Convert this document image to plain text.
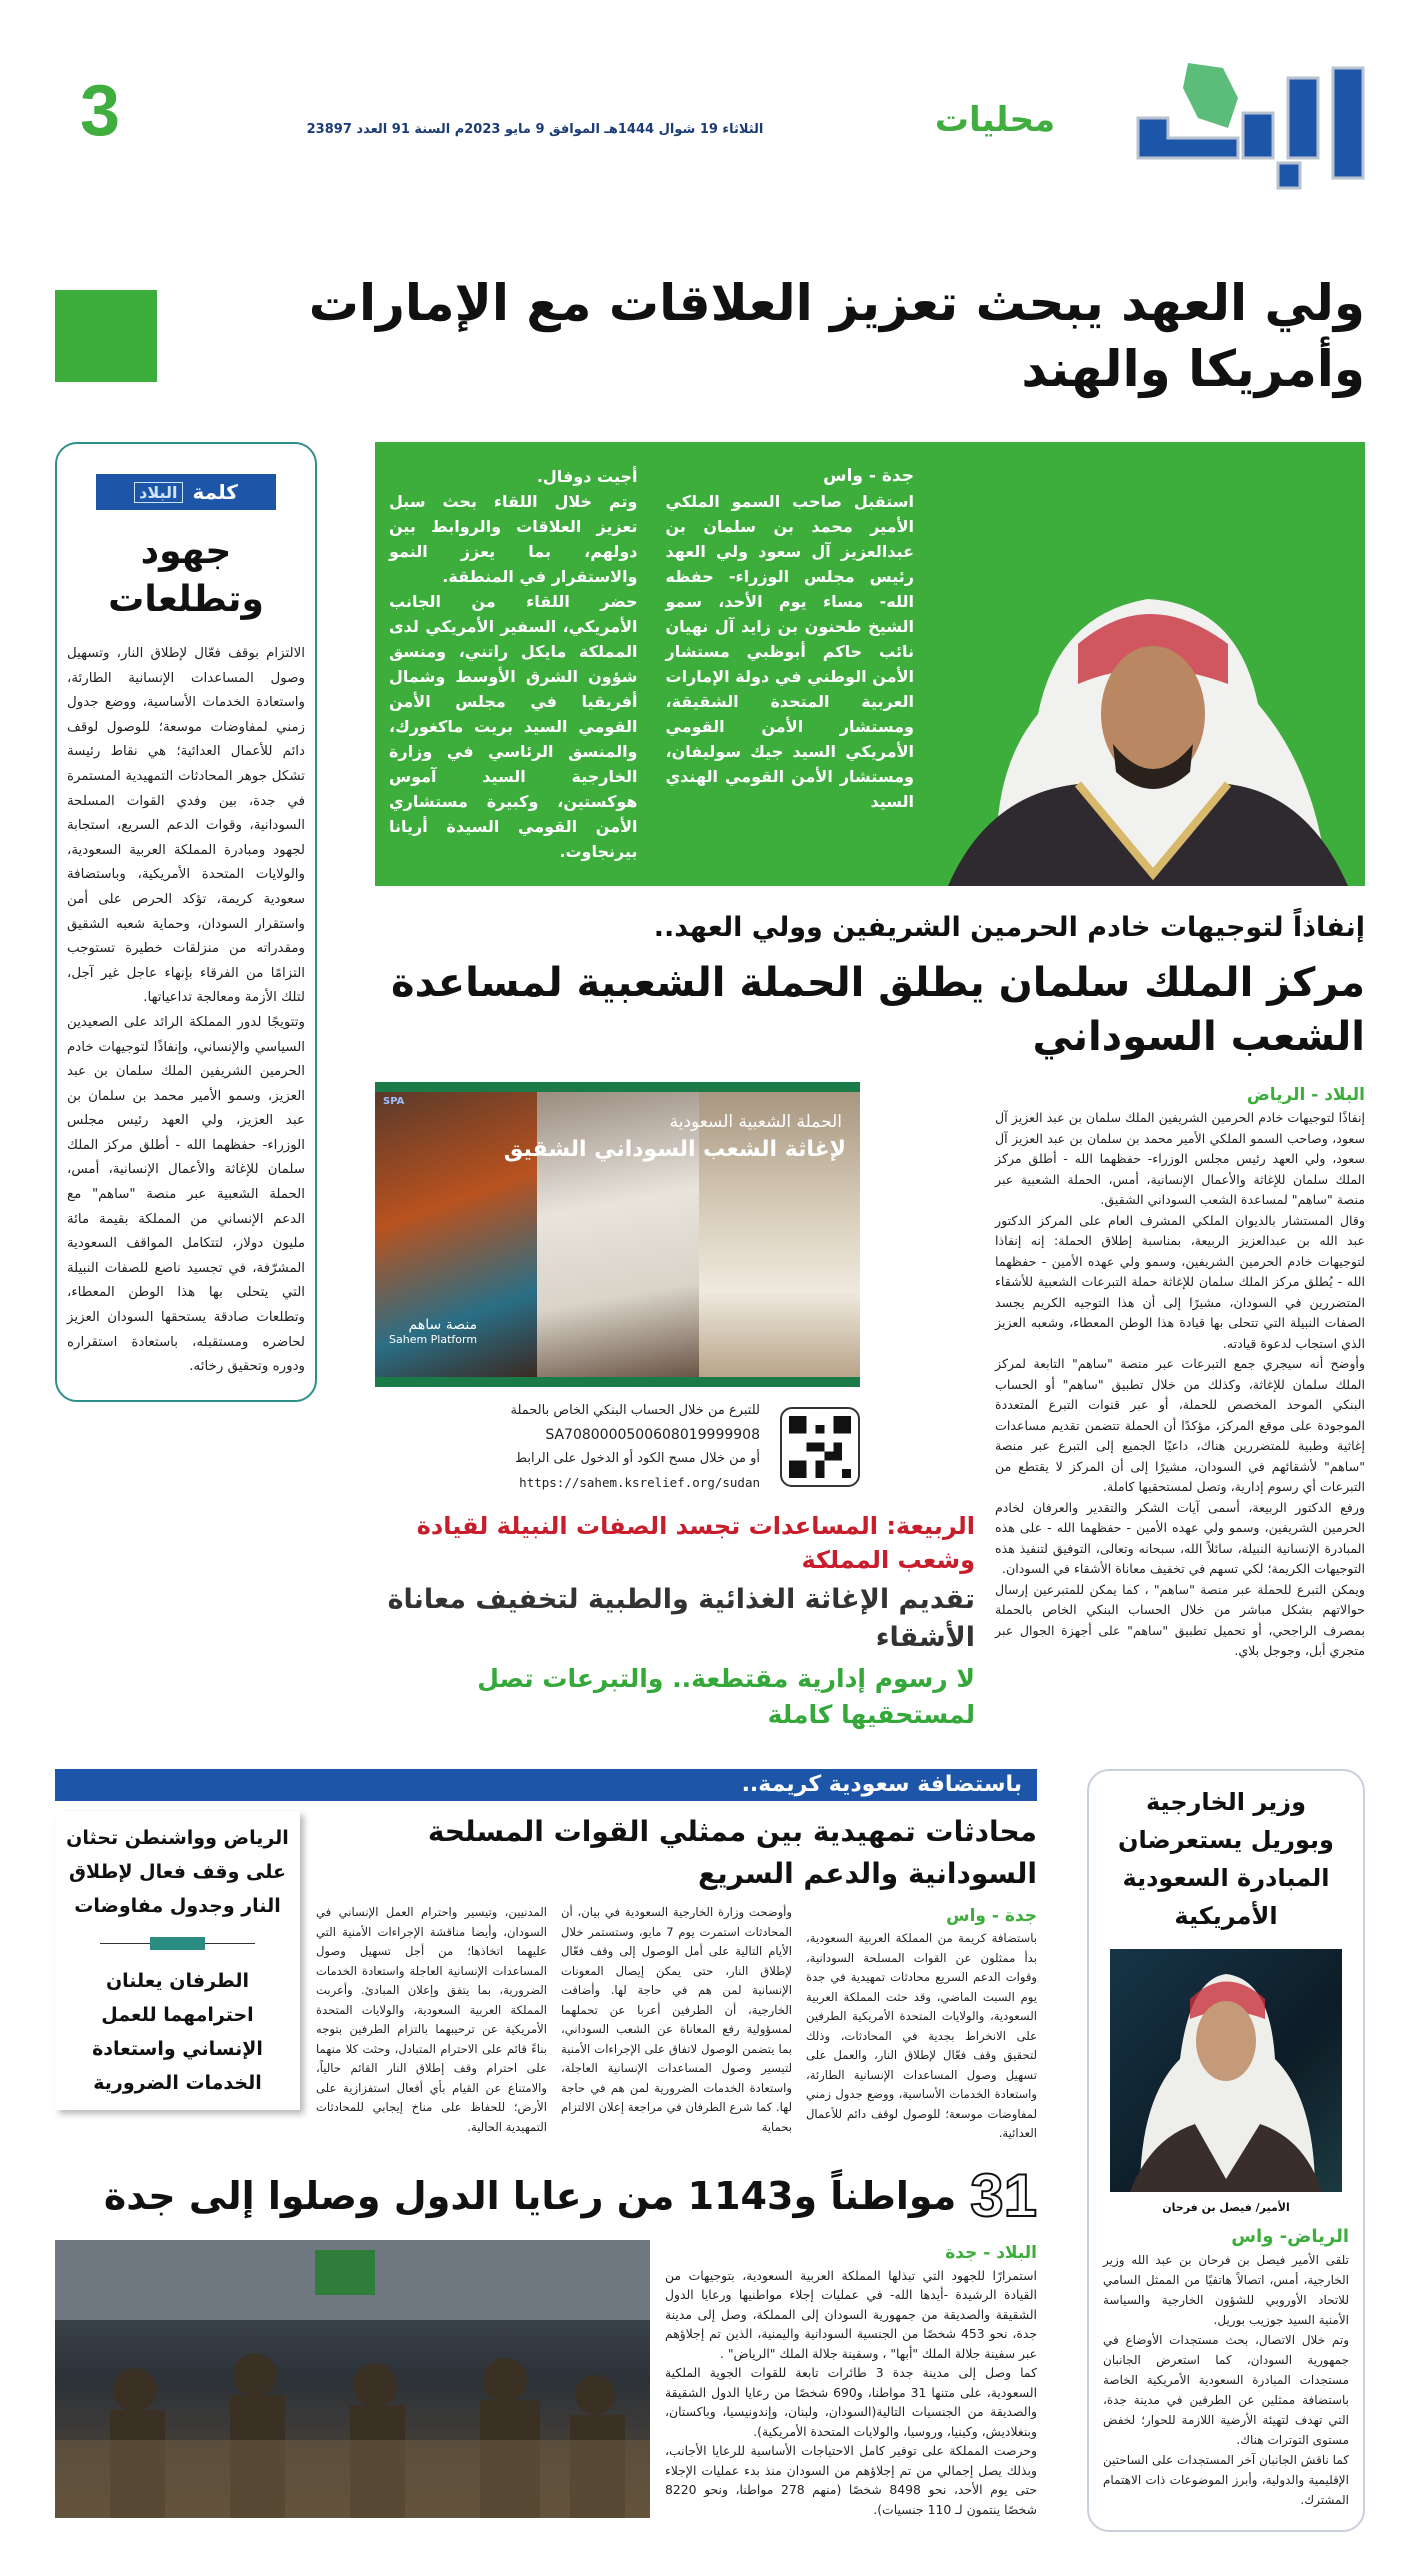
محليات
الثلاثاء 19 شوال 1444هـ الموافق 9 مايو 2023م السنة 91 العدد 23897
3
ولي العهد يبحث تعزيز العلاقات مع الإمارات وأمريكا والهند
جدة - واس

استقبل صاحب السمو الملكي الأمير محمد بن سلمان بن عبدالعزيز آل سعود ولي العهد رئيس مجلس الوزراء- حفظه الله- مساء يوم الأحد، سمو الشيخ طحنون بن زايد آل نهيان نائب حاكم أبوظبي مستشار الأمن الوطني في دولة الإمارات العربية المتحدة الشقيقة، ومستشار الأمن القومي الأمريكي السيد جيك سوليفان، ومستشار الأمن القومي الهندي السيد

أجيت دوفال.

وتم خلال اللقاء بحث سبل تعزيز العلاقات والروابط بين دولهم، بما يعزز النمو والاستقرار في المنطقة.

حضر اللقاء من الجانب الأمريكي، السفير الأمريكي لدى المملكة مايكل راتني، ومنسق شؤون الشرق الأوسط وشمال أفريقيا في مجلس الأمن القومي السيد بريت ماكغورك، والمنسق الرئاسي في وزارة الخارجية السيد آموس هوكستين، وكبيرة مستشاري الأمن القومي السيدة أريانا بيرنجاوت.

إنفاذاً لتوجيهات خادم الحرمين الشريفين وولي العهد..
مركز الملك سلمان يطلق الحملة الشعبية لمساعدة الشعب السوداني
البلاد - الرياض

إنفاذًا لتوجيهات خادم الحرمين الشريفين الملك سلمان بن عبد العزيز آل سعود، وصاحب السمو الملكي الأمير محمد بن سلمان بن عبد العزيز آل سعود، ولي العهد رئيس مجلس الوزراء- حفظهما الله - أطلق مركز الملك سلمان للإغاثة والأعمال الإنسانية، أمس، الحملة الشعبية عبر منصة "ساهم" لمساعدة الشعب السوداني الشقيق.

وقال المستشار بالديوان الملكي المشرف العام على المركز الدكتور عبد الله بن عبدالعزيز الربيعة، بمناسبة إطلاق الحملة: إنه إنفاذا لتوجيهات خادم الحرمين الشريفين، وسمو ولي عهده الأمين - حفظهما الله - يُطلق مركز الملك سلمان للإغاثة حملة التبرعات الشعبية للأشقاء المتضررين في السودان، مشيرًا إلى أن هذا التوجيه الكريم يجسد الصفات النبيلة التي تتحلى بها قيادة هذا الوطن المعطاء، وشعبه العزيز الذي استجاب لدعوة قيادته.

وأوضح أنه سيجري جمع التبرعات عبر منصة "ساهم" التابعة لمركز الملك سلمان للإغاثة، وكذلك من خلال تطبيق "ساهم" أو الحساب البنكي الموحد المخصص للحملة، أو عبر قنوات التبرع المتعددة الموجودة على موقع المركز، مؤكدًا أن الحملة تتضمن تقديم مساعدات إغاثية وطبية للمتضررين هناك، داعيًا الجميع إلى التبرع عبر منصة "ساهم" لأشقائهم في السودان، مشيرًا إلى أن المركز لا يقتطع من التبرعات أي رسوم إدارية، وتصل لمستحقيها كاملة.

ورفع الدكتور الربيعة، أسمى آيات الشكر والتقدير والعرفان لخادم الحرمين الشريفين، وسمو ولي عهده الأمين - حفظهما الله - على هذه المبادرة الإنسانية النبيلة، سائلاً الله، سبحانه وتعالى، التوفيق لتنفيذ هذه التوجيهات الكريمة؛ لكي تسهم في تخفيف معاناة الأشقاء في السودان.

ويمكن التبرع للحملة عبر منصة "ساهم" ، كما يمكن للمتبرعين إرسال حوالاتهم بشكل مباشر من خلال الحساب البنكي الخاص بالحملة بمصرف الراجحي، أو تحميل تطبيق "ساهم" على أجهزة الجوال عبر متجري أبل، وجوجل بلاي.

الحملة الشعبية السعودية
لإغاثة الشعب السوداني الشقيق
منصة ساهم
Sahem Platform
SPA
للتبرع من خلال الحساب البنكي الخاص بالحملة
SA7080000500608019999908
أو من خلال مسح الكود أو الدخول على الرابط
https://sahem.ksrelief.org/sudan
الربيعة: المساعدات تجسد الصفات النبيلة لقيادة وشعب المملكة
تقديم الإغاثة الغذائية والطبية لتخفيف معاناة الأشقاء
لا رسوم إدارية مقتطعة.. والتبرعات تصل لمستحقيها كاملة
كلمة
البلاد
جهود وتطلعات

الالتزام بوقف فعّال لإطلاق النار، وتسهيل وصول المساعدات الإنسانية الطارئة، واستعادة الخدمات الأساسية، ووضع جدول زمني لمفاوضات موسعة؛ للوصول لوقف دائم للأعمال العدائية؛ هي نقاط رئيسة تشكل جوهر المحادثات التمهيدية المستمرة في جدة، بين وفدي القوات المسلحة السودانية، وقوات الدعم السريع، استجابة لجهود ومبادرة المملكة العربية السعودية، والولايات المتحدة الأمريكية، وباستضافة سعودية كريمة، تؤكد الحرص على أمن واستقرار السودان، وحماية شعبه الشقيق ومقدراته من منزلقات خطيرة تستوجب التزامًا من الفرقاء بإنهاء عاجل غير آجل، لتلك الأزمة ومعالجة تداعياتها.

وتتويجًا لدور المملكة الرائد على الصعيدين السياسي والإنساني، وإنفاذًا لتوجيهات خادم الحرمين الشريفين الملك سلمان بن عبد العزيز، وسمو الأمير محمد بن سلمان بن عبد العزيز، ولي العهد رئيس مجلس الوزراء- حفظهما الله - أطلق مركز الملك سلمان للإغاثة والأعمال الإنسانية، أمس، الحملة الشعبية عبر منصة "ساهم" مع الدعم الإنساني من المملكة بقيمة مائة مليون دولار، لتتكامل المواقف السعودية المشرّفة، في تجسيد ناصع للصفات النبيلة التي يتحلى بها هذا الوطن المعطاء، وتطلعات صادقة يستحقها السودان العزيز لحاضره ومستقبله، باستعادة استقراره ودوره وتحقيق رخائه.

وزير الخارجية وبوريل يستعرضان المبادرة السعودية الأمريكية
الأمير/ فيصل بن فرحان
الرياض- واس

تلقى الأمير فيصل بن فرحان بن عبد الله وزير الخارجية، أمس، اتصالاً هاتفيًا من الممثل السامي للاتحاد الأوروبي للشؤون الخارجية والسياسة الأمنية السيد جوزيب بوريل.

وتم خلال الاتصال، بحث مستجدات الأوضاع في جمهورية السودان، كما استعرض الجانبان مستجدات المبادرة السعودية الأمريكية الخاصة باستضافة ممثلين عن الطرفين في مدينة جدة، التي تهدف لتهيئة الأرضية اللازمة للحوار؛ لخفض مستوى التوترات هناك.

كما ناقش الجانبان آخر المستجدات على الساحتين الإقليمية والدولية، وأبرز الموضوعات ذات الاهتمام المشترك.

باستضافة سعودية كريمة..
محادثات تمهيدية بين ممثلي القوات المسلحة السودانية والدعم السريع
جدة - واس

باستضافة كريمة من المملكة العربية السعودية، بدأ ممثلون عن القوات المسلحة السودانية، وقوات الدعم السريع محادثات تمهيدية في جدة يوم السبت الماضي، وقد حثت المملكة العربية السعودية، والولايات المتحدة الأمريكية الطرفين على الانخراط بجدية في المحادثات، وذلك لتحقيق وقف فعّال لإطلاق النار، والعمل على تسهيل وصول المساعدات الإنسانية الطارئة، واستعادة الخدمات الأساسية، ووضع جدول زمني لمفاوضات موسعة؛ للوصول لوقف دائم للأعمال العدائية.

وأوضحت وزارة الخارجية السعودية في بيان، أن المحادثات استمرت يوم 7 مايو، وستستمر خلال الأيام التالية على أمل الوصول إلى وقف فعّال لإطلاق النار، حتى يمكن إيصال المعونات الإنسانية لمن هم في حاجة لها. وأضافت الخارجية، أن الطرفين أعربا عن تحملهما لمسؤولية رفع المعاناة عن الشعب السوداني، بما يتضمن الوصول لاتفاق على الإجراءات الأمنية لتيسير وصول المساعدات الإنسانية العاجلة، واستعادة الخدمات الضرورية لمن هم في حاجة لها. كما شرع الطرفان في مراجعة إعلان الالتزام بحماية

المدنيين، وتيسير واحترام العمل الإنساني في السودان، وأيضا مناقشة الإجراءات الأمنية التي عليهما اتخاذها؛ من أجل تسهيل وصول المساعدات الإنسانية العاجلة واستعادة الخدمات الضرورية، بما يتفق وإعلان المبادئ. وأعربت المملكة العربية السعودية، والولايات المتحدة الأمريكية عن ترحيبهما بالتزام الطرفين بتوجه بناءً قائم على الاحترام المتبادل، وحثت كلا منهما على احترام وقف إطلاق النار القائم حالياً، والامتناع عن القيام بأي أفعال استفزازية على الأرض؛ للحفاظ على مناخ إيجابي للمحادثات التمهيدية الحالية.

الرياض وواشنطن تحثان على وقف فعال لإطلاق النار وجدول مفاوضات
الطرفان يعلنان احترامهما للعمل الإنساني واستعادة الخدمات الضرورية
31
مواطناً و1143 من رعايا الدول وصلوا إلى جدة
البلاد - جدة

استمرارًا للجهود التي تبذلها المملكة العربية السعودية، بتوجيهات من القيادة الرشيدة -أيدها الله- في عمليات إجلاء مواطنيها ورعايا الدول الشقيقة والصديقة من جمهورية السودان إلى المملكة، وصل إلى مدينة جدة، نحو 453 شخصًا من الجنسية السودانية واليمنية، الذين تم إجلاؤهم عبر سفينة جلالة الملك "أبها" ، وسفينة جلالة الملك "الرياض" .

كما وصل إلى مدينة جدة 3 طائرات تابعة للقوات الجوية الملكية السعودية، على متنها 31 مواطنا، و690 شخصًا من رعايا الدول الشقيقة والصديقة من الجنسيات التالية(السودان، ولبنان، وإندونيسيا، وباكستان، وبنغلاديش، وكينيا، وروسيا، والولايات المتحدة الأمريكية).

وحرصت المملكة على توفير كامل الاحتياجات الأساسية للرعايا الأجانب، وبذلك يصل إجمالي من تم إجلاؤهم من السودان منذ بدء عمليات الإجلاء حتى يوم الأحد، نحو 8498 شخصًا (منهم 278 مواطنا، ونحو 8220 شخصًا ينتمون لـ 110 جنسيات).
